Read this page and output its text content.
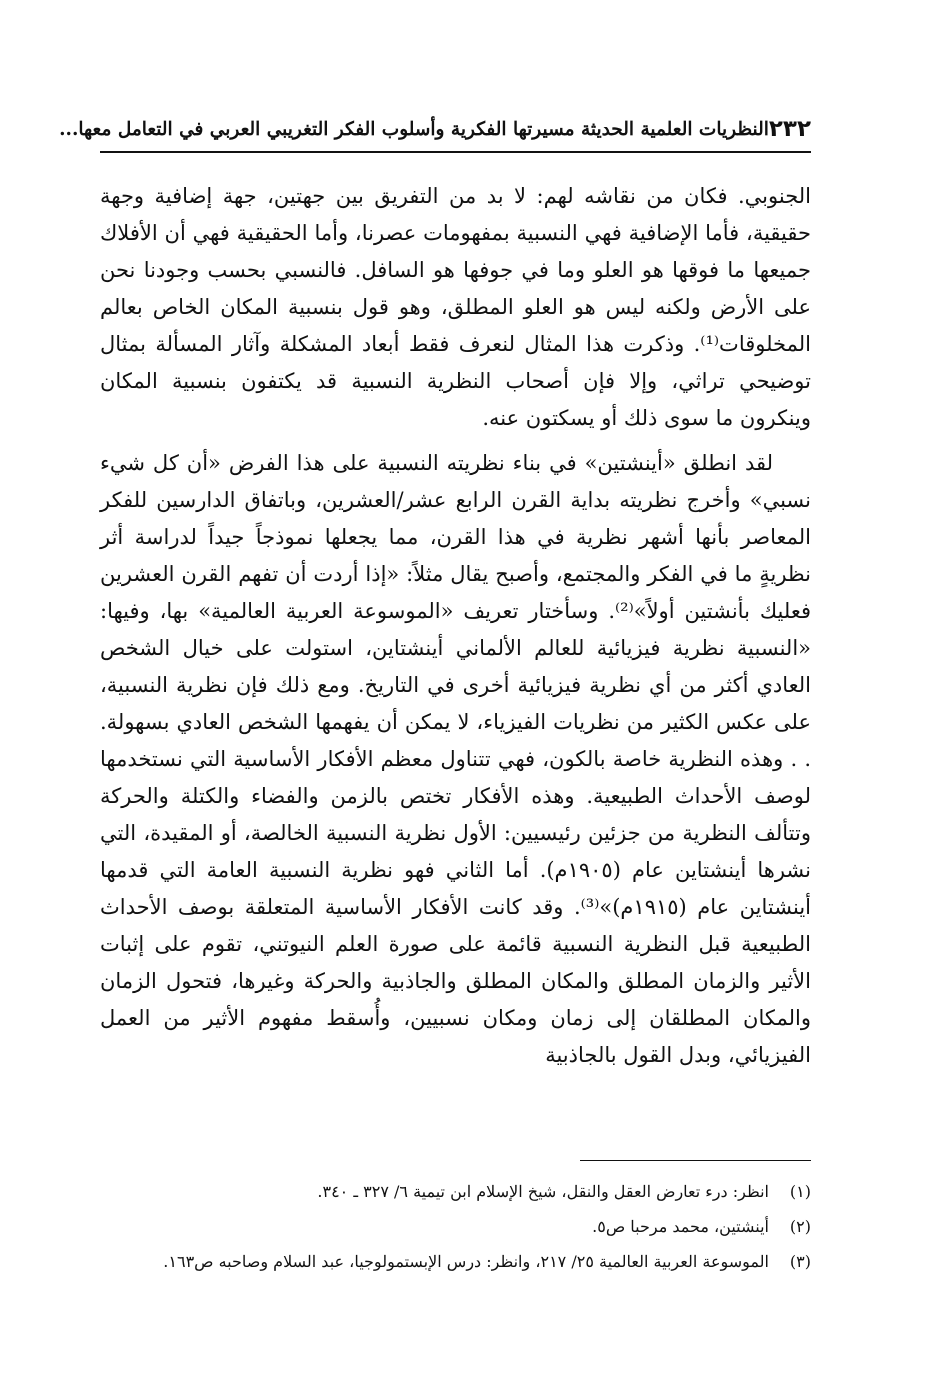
٢٣٢
النظريات العلمية الحديثة مسيرتها الفكرية وأسلوب الفكر التغريبي العربي في التعامل معها...

الجنوبي. فكان من نقاشه لهم: لا بد من التفريق بين جهتين، جهة إضافية وجهة حقيقية، فأما الإضافية فهي النسبية بمفهومات عصرنا، وأما الحقيقية فهي أن الأفلاك جميعها ما فوقها هو العلو وما في جوفها هو السافل. فالنسبي بحسب وجودنا نحن على الأرض ولكنه ليس هو العلو المطلق، وهو قول بنسبية المكان الخاص بعالم المخلوقات⁽¹⁾. وذكرت هذا المثال لنعرف فقط أبعاد المشكلة وآثار المسألة بمثال توضيحي تراثي، وإلا فإن أصحاب النظرية النسبية قد يكتفون بنسبية المكان وينكرون ما سوى ذلك أو يسكتون عنه.

لقد انطلق «أينشتين» في بناء نظريته النسبية على هذا الفرض «أن كل شيء نسبي» وأخرج نظريته بداية القرن الرابع عشر/العشرين، وباتفاق الدارسين للفكر المعاصر بأنها أشهر نظرية في هذا القرن، مما يجعلها نموذجاً جيداً لدراسة أثر نظريةٍ ما في الفكر والمجتمع، وأصبح يقال مثلاً: «إذا أردت أن تفهم القرن العشرين فعليك بأنشتين أولاً»⁽²⁾. وسأختار تعريف «الموسوعة العربية العالمية» بها، وفيها: «النسبية نظرية فيزيائية للعالم الألماني أينشتاين، استولت على خيال الشخص العادي أكثر من أي نظرية فيزيائية أخرى في التاريخ. ومع ذلك فإن نظرية النسبية، على عكس الكثير من نظريات الفيزياء، لا يمكن أن يفهمها الشخص العادي بسهولة. . . وهذه النظرية خاصة بالكون، فهي تتناول معظم الأفكار الأساسية التي نستخدمها لوصف الأحداث الطبيعية. وهذه الأفكار تختص بالزمن والفضاء والكتلة والحركة وتتألف النظرية من جزئين رئيسيين: الأول نظرية النسبية الخالصة، أو المقيدة، التي نشرها أينشتاين عام (١٩٠٥م). أما الثاني فهو نظرية النسبية العامة التي قدمها أينشتاين عام (١٩١٥م)»⁽³⁾. وقد كانت الأفكار الأساسية المتعلقة بوصف الأحداث الطبيعية قبل النظرية النسبية قائمة على صورة العلم النيوتني، تقوم على إثبات الأثير والزمان المطلق والمكان المطلق والجاذبية والحركة وغيرها، فتحول الزمان والمكان المطلقان إلى زمان ومكان نسبيين، وأُسقط مفهوم الأثير من العمل الفيزيائي، وبدل القول بالجاذبية

(١)
انظر: درء تعارض العقل والنقل، شيخ الإسلام ابن تيمية ٦/ ٣٢٧ ـ ٣٤٠.
(٢)
أينشتين، محمد مرحبا ص٥.
(٣)
الموسوعة العربية العالمية ٢٥/ ٢١٧، وانظر: درس الإبستمولوجيا، عبد السلام وصاحبه ص١٦٣.
